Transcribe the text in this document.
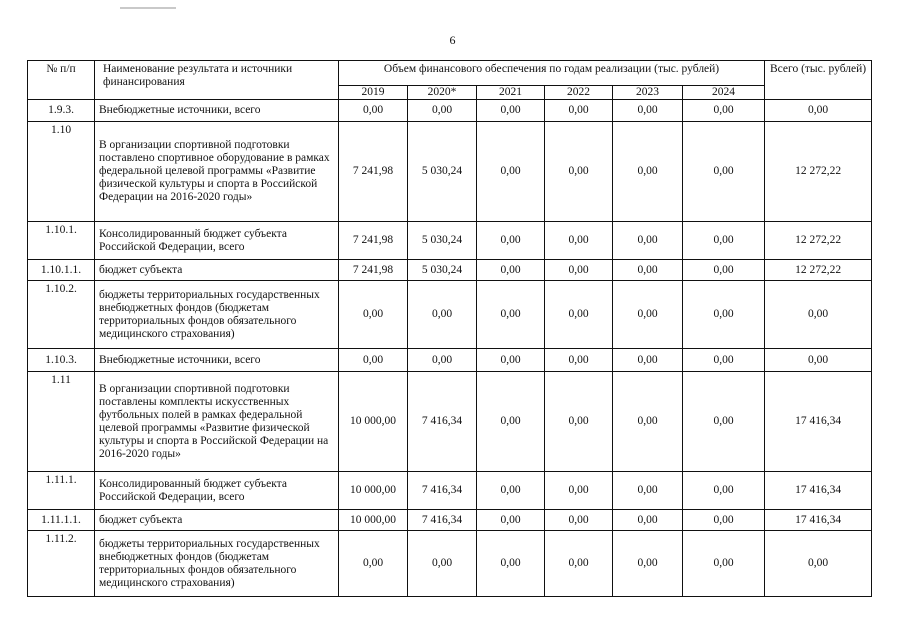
6
№ п/п	Наименование результата и источники финансирования	Объем финансового обеспечения по годам реализации (тыс. рублей)						Всего (тыс. рублей)
		2019	2020*	2021	2022	2023	2024	
1.9.3.	Внебюджетные источники, всего	0,00	0,00	0,00	0,00	0,00	0,00	0,00
1.10	В организации спортивной подготовки поставлено спортивное оборудование в рамках федеральной целевой программы «Развитие физической культуры и спорта в Российской Федерации на 2016-2020 годы»	7 241,98	5 030,24	0,00	0,00	0,00	0,00	12 272,22
1.10.1.	Консолидированный бюджет субъекта Российской Федерации, всего	7 241,98	5 030,24	0,00	0,00	0,00	0,00	12 272,22
1.10.1.1.	бюджет субъекта	7 241,98	5 030,24	0,00	0,00	0,00	0,00	12 272,22
1.10.2.	бюджеты территориальных государственных внебюджетных фондов (бюджетам территориальных фондов обязательного медицинского страхования)	0,00	0,00	0,00	0,00	0,00	0,00	0,00
1.10.3.	Внебюджетные источники, всего	0,00	0,00	0,00	0,00	0,00	0,00	0,00
1.11	В организации спортивной подготовки поставлены комплекты искусственных футбольных полей в рамках федеральной целевой программы «Развитие физической культуры и спорта в Российской Федерации на 2016-2020 годы»	10 000,00	7 416,34	0,00	0,00	0,00	0,00	17 416,34
1.11.1.	Консолидированный бюджет субъекта Российской Федерации, всего	10 000,00	7 416,34	0,00	0,00	0,00	0,00	17 416,34
1.11.1.1.	бюджет субъекта	10 000,00	7 416,34	0,00	0,00	0,00	0,00	17 416,34
1.11.2.	бюджеты территориальных государственных внебюджетных фондов (бюджетам территориальных фондов обязательного медицинского страхования)	0,00	0,00	0,00	0,00	0,00	0,00	0,00
